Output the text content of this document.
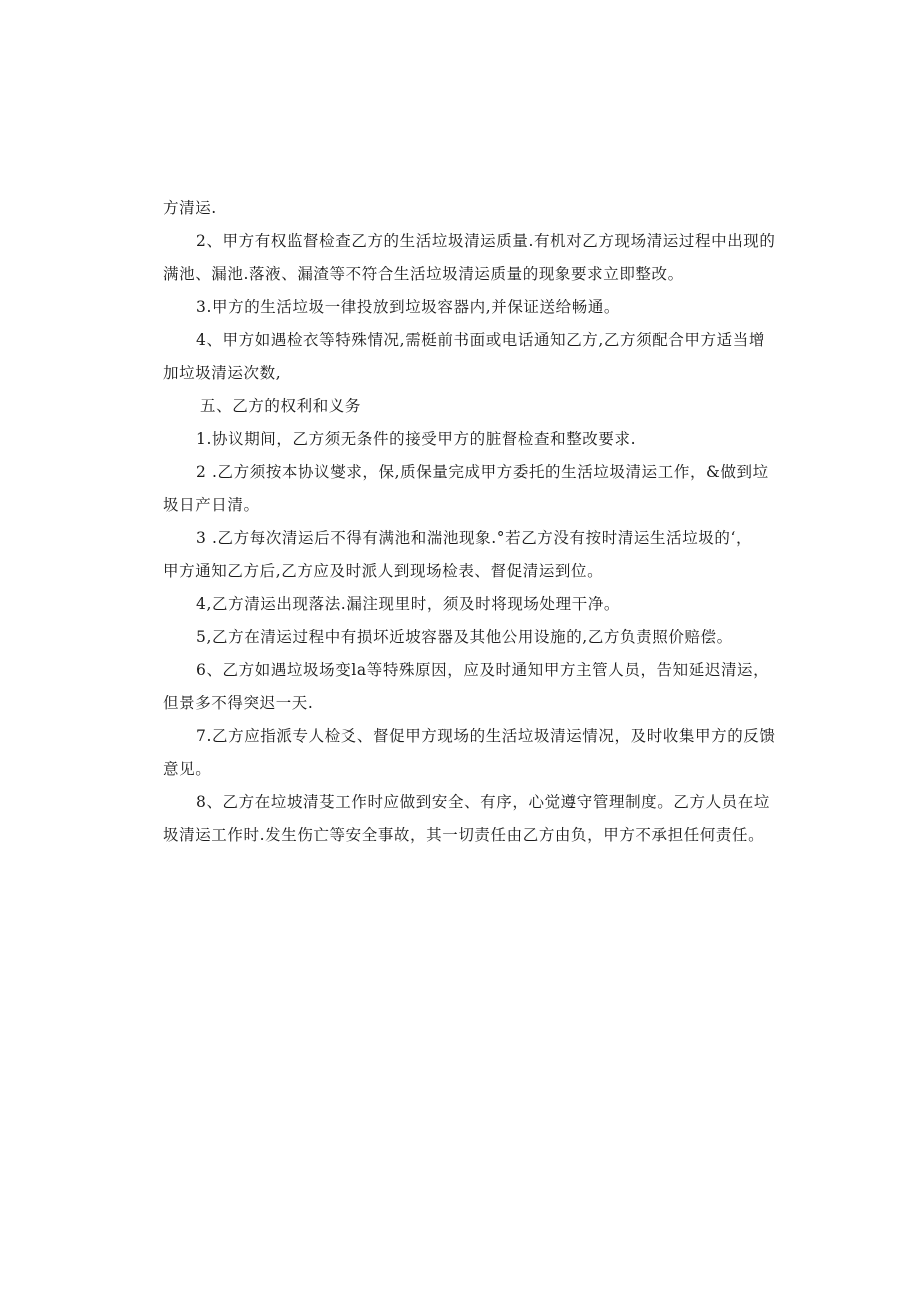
方清运.
2、甲方有权监督检查乙方的生活垃圾清运质量.有机对乙方现场清运过程中出现的
满池、漏池.落液、漏渣等不符合生活垃圾清运质量的现象要求立即整改。
3.甲方的生活垃圾一律投放到垃圾容器内,并保证送给畅通。
4、甲方如遇检衣等特殊情况,需梃前书面或电话通知乙方,乙方须配合甲方适当增
加垃圾清运次数,
五、乙方的权利和义务
1.协议期间，乙方须无条件的接受甲方的脏督检查和整改要求.
2 .乙方须按本协议燮求，保,质保量完成甲方委托的生活垃圾清运工作，&做到垃
圾日产日清。
3 .乙方每次清运后不得有满池和湍池现象.°若乙方没有按时清运生活垃圾的‘，
甲方通知乙方后,乙方应及时派人到现场检表、督促清运到位。
4,乙方清运出现落法.漏注现里时，须及时将现场处理干净。
5,乙方在清运过程中有损坏近坡容器及其他公用设施的,乙方负责照价赔偿。
6、乙方如遇垃圾场变la等特殊原因，应及时通知甲方主管人员，告知延迟清运，
但景多不得突迟一天.
7.乙方应指派专人检爻、督促甲方现场的生活垃圾清运情况，及时收集甲方的反馈
意见。
8、乙方在垃坡清芟工作时应做到安全、有序，心觉遵守管理制度。乙方人员在垃
圾清运工作时.发生伤亡等安全事故，其一切责任由乙方由负，甲方不承担任何责任。
